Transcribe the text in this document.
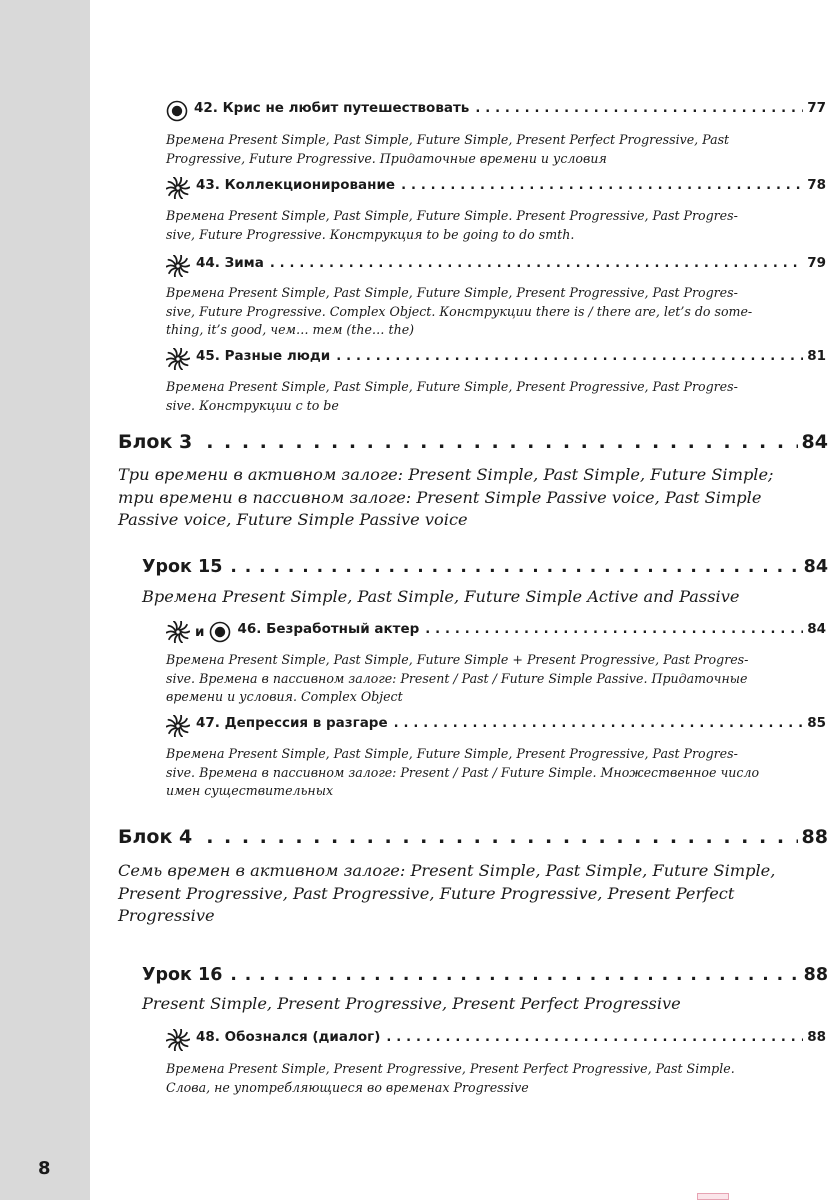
8
42. Крис не любит путешествовать . . .	77
Времена Present Simple, Past Simple, Future Simple, Present Perfect Progressive, Past
Progressive, Future Progressive. Придаточные времени и условия
43. Коллекционирование . . .	78
Времена Present Simple, Past Simple, Future Simple. Present Progressive, Past Progres-
sive, Future Progressive. Конструкция to be going to do smth.
44. Зима . . .	79
Времена Present Simple, Past Simple, Future Simple, Present Progressive, Past Progres-
sive, Future Progressive. Complex Object. Конструкции there is / there are, let’s do some-
thing, it’s good, чем… тем (the… the)
45. Разные люди . . .	81
Времена Present Simple, Past Simple, Future Simple, Present Progressive, Past Progres-
sive. Конструкции c to be
Блок 3 . . .	84
Три времени в активном залоге: Present Simple, Past Simple, Future Simple;
три времени в пассивном залоге: Present Simple Passive voice, Past Simple
Passive voice, Future Simple Passive voice
Урок 15 . . .	84
Времена Present Simple, Past Simple, Future Simple Active and Passive
и 46. Безработный актер . . .	84
Времена Present Simple, Past Simple, Future Simple + Present Progressive, Past Progres-
sive. Времена в пассивном залоге: Present / Past / Future Simple Passive. Придаточные
времени и условия. Complex Object
47. Депрессия в разгаре . . .	85
Времена Present Simple, Past Simple, Future Simple, Present Progressive, Past Progres-
sive. Времена в пассивном залоге: Present / Past / Future Simple. Множественное число
имен существительных
Блок 4 . . .	88
Семь времен в активном залоге: Present Simple, Past Simple, Future Simple,
Present Progressive, Past Progressive, Future Progressive, Present Perfect
Progressive
Урок 16 . . .	88
Present Simple, Present Progressive, Present Perfect Progressive
48. Обознался (диалог) . . .	88
Времена Present Simple, Present Progressive, Present Perfect Progressive, Past Simple.
Слова, не употребляющиеся во временах Progressive
